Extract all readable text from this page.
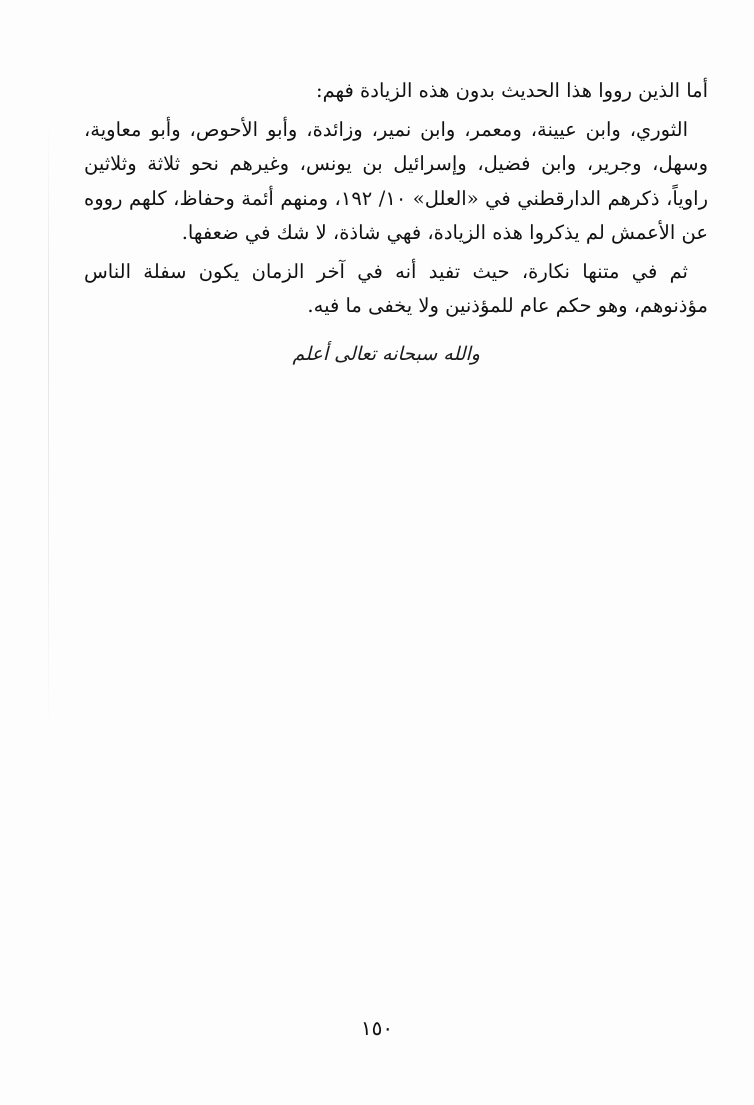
أما الذين رووا هذا الحديث بدون هذه الزيادة فهم:

الثوري، وابن عيينة، ومعمر، وابن نمير، وزائدة، وأبو الأحوص، وأبو معاوية، وسهل، وجرير، وابن فضيل، وإسرائيل بن يونس، وغيرهم نحو ثلاثة وثلاثين راوياً، ذكرهم الدارقطني في «العلل» ١٠/ ١٩٢، ومنهم أئمة وحفاظ، كلهم رووه عن الأعمش لم يذكروا هذه الزيادة، فهي شاذة، لا شك في ضعفها.

ثم في متنها نكارة، حيث تفيد أنه في آخر الزمان يكون سفلة الناس مؤذنوهم، وهو حكم عام للمؤذنين ولا يخفى ما فيه.

والله سبحانه تعالى أعلم
١٥٠
